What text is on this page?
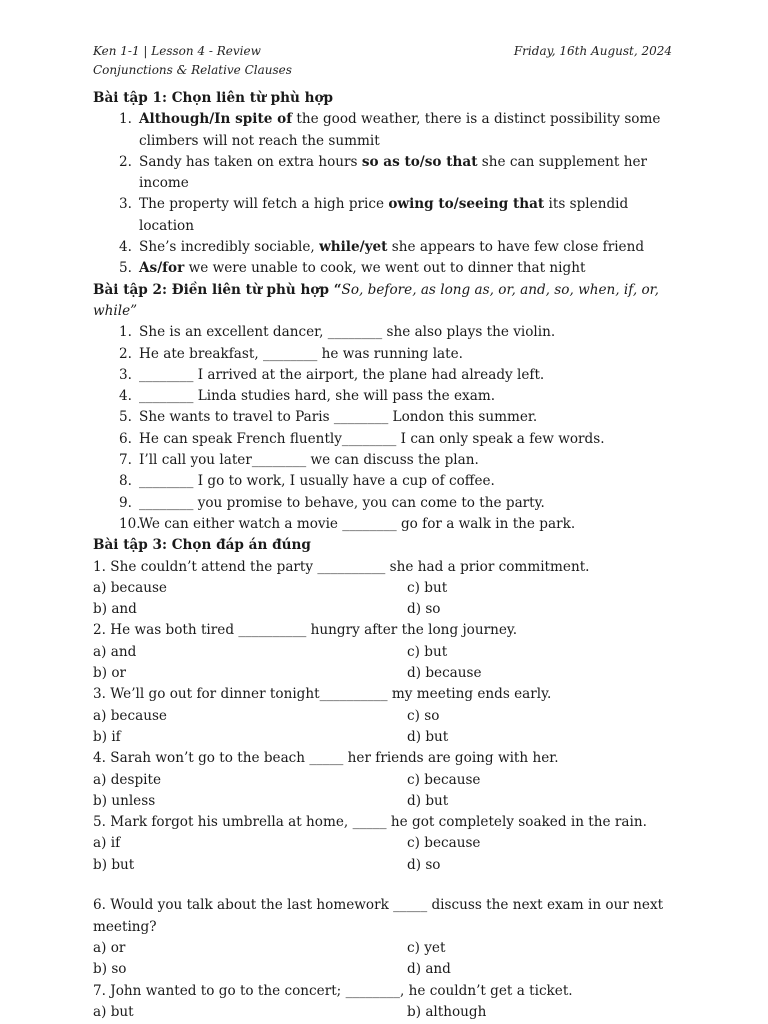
Ken 1-1 | Lesson 4 - Review	Friday, 16th August, 2024
Conjunctions & Relative Clauses
Bài tập 1: Chọn liên từ phù hợp
1. Although/In spite of the good weather, there is a distinct possibility some climbers will not reach the summit
2. Sandy has taken on extra hours so as to/so that she can supplement her income
3. The property will fetch a high price owing to/seeing that its splendid location
4. She’s incredibly sociable, while/yet she appears to have few close friend
5. As/for we were unable to cook, we went out to dinner that night
Bài tập 2: Điền liên từ phù hợp “So, before, as long as, or, and, so, when, if, or, while”
1. She is an excellent dancer, ________ she also plays the violin.
2. He ate breakfast, ________ he was running late.
3. ________ I arrived at the airport, the plane had already left.
4. ________ Linda studies hard, she will pass the exam.
5. She wants to travel to Paris ________ London this summer.
6. He can speak French fluently________ I can only speak a few words.
7. I’ll call you later________ we can discuss the plan.
8. ________ I go to work, I usually have a cup of coffee.
9. ________ you promise to behave, you can come to the party.
10.
We can either watch a movie ________ go for a walk in the park.
Bài tập 3: Chọn đáp án đúng
1. She couldn’t attend the party __________ she had a prior commitment.
a) because	c) but
b) and	d) so
2. He was both tired __________ hungry after the long journey.
a) and	c) but
b) or	d) because
3. We’ll go out for dinner tonight__________ my meeting ends early.
a) because	c) so
b) if	d) but
4. Sarah won’t go to the beach _____ her friends are going with her.
a) despite	c) because
b) unless	d) but
5. Mark forgot his umbrella at home, _____ he got completely soaked in the rain.
a) if	c) because
b) but	d) so
6. Would you talk about the last homework _____ discuss the next exam in our next meeting?
a) or	c) yet
b) so	d) and
7. John wanted to go to the concert; ________, he couldn’t get a ticket.
a) but	b) although
